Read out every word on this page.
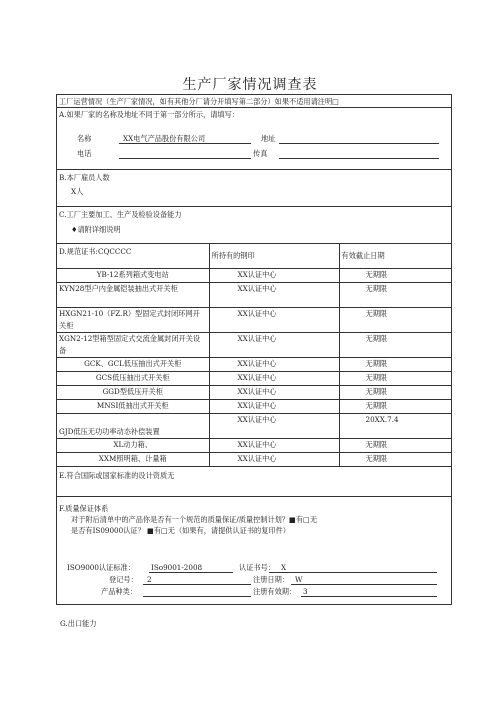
生产厂家情况调查表
工厂运营情况（生产厂家情况，如有其他分厂请分开填写第二部分）如果不适用请注明□
A.如果厂家的名称及地址不同于第一部分所示，请填写：
名称	XX电气产品股份有限公司	地址
电话	传真
B.本厂雇员人数
X人
C.工厂主要加工、生产及检验设备能力
♦请附详细说明
D.规范证书:CQCCCC	所持有的钢印	有效截止日期
YB-12系列箱式变电站	XX认证中心	无期限
KYN28型户内金属铠装抽出式开关柜	XX认证中心	无期限
HXGN21-10（FZ.R）型固定式封闭环网开关柜	XX认证中心	无期限
XGN2-12型箱型固定式交流金属封闭开关设备	XX认证中心	无期限
GCK、GCL低压抽出式开关柜	XX认证中心	无期限
GCS低压抽出式开关柜	XX认证中心	无期限
GGD型低压开关柜	XX认证中心	无期限
MNSI低抽出式开关柜	XX认证中心	无期限
GJD低压无功功率动态补偿装置	XX认证中心	20XX.7.4
XL动力箱、	XX认证中心	无期限
XXM照明箱、计量箱	XX认证中心	无期限
E.符合国际或国家标准的设计资质无
F.质量保证体系
对于附后清单中的产品你是否有一个规范的质量保证/质量控制计划？■有□无
是否有IS09000认证？ ■有□无（如果有，请提供认证书的复印件）
ISO9000认证标准： ISo9001-2008	认证书号： X
登记号： 2	注册日期： W
产品种类：	注册有效期： 3
G.出口能力
